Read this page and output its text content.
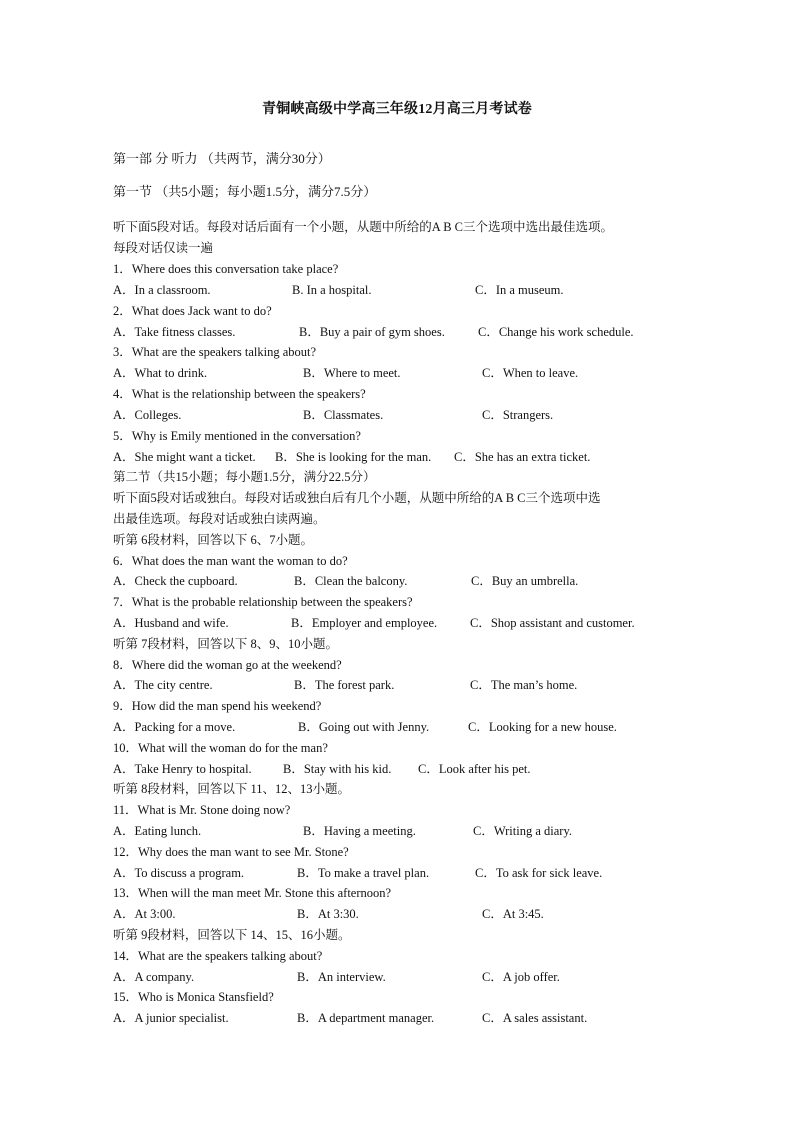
青铜峡高级中学高三年级12月高三月考试卷
第一部 分 听力 （共两节，满分30分）
第一节 （共5小题；每小题1.5分，满分7.5分）
听下面5段对话。每段对话后面有一个小题，从题中所给的A B C三个选项中选出最佳选项。
每段对话仅读一遍
1．Where does this conversation take place?
A．In a classroom.	B. In a hospital.	C．In a museum.
2．What does Jack want to do?
A．Take fitness classes.	B．Buy a pair of gym shoes.	C．Change his work schedule.
3．What are the speakers talking about?
A．What to drink.	B．Where to meet.	C．When to leave.
4．What is the relationship between the speakers?
A．Colleges.	B．Classmates.	C．Strangers.
5．Why is Emily mentioned in the conversation?
A．She might want a ticket. B．She is looking for the man. C．She has an extra ticket.
第二节（共15小题；每小题1.5分，满分22.5分）
听下面5段对话或独白。每段对话或独白后有几个小题，从题中所给的A B C三个选项中选
出最佳选项。每段对话或独白读两遍。
听第 6段材料，回答以下 6、7小题。
6．What does the man want the woman to do?
A．Check the cupboard.	B．Clean the balcony.	C．Buy an umbrella.
7．What is the probable relationship between the speakers?
A．Husband and wife.	B．Employer and employee.	C．Shop assistant and customer.
听第 7段材料，回答以下 8、9、10小题。
8．Where did the woman go at the weekend?
A．The city centre.	B．The forest park.	C．The man’s home.
9．How did the man spend his weekend?
A．Packing for a move.	B．Going out with Jenny.	C．Looking for a new house.
10．What will the woman do for the man?
A．Take Henry to hospital.	B．Stay with his kid. C．Look after his pet.
听第 8段材料，回答以下 11、12、13小题。
11．What is Mr. Stone doing now?
A．Eating lunch.	B．Having a meeting.	C．Writing a diary.
12．Why does the man want to see Mr. Stone?
A．To discuss a program.	B．To make a travel plan.	C．To ask for sick leave.
13．When will the man meet Mr. Stone this afternoon?
A．At 3:00.	B．At 3:30.	C．At 3:45.
听第 9段材料，回答以下 14、15、16小题。
14．What are the speakers talking about?
A．A company.	B．An interview.	C．A job offer.
15．Who is Monica Stansfield?
A．A junior specialist.	B．A department manager.	C．A sales assistant.
